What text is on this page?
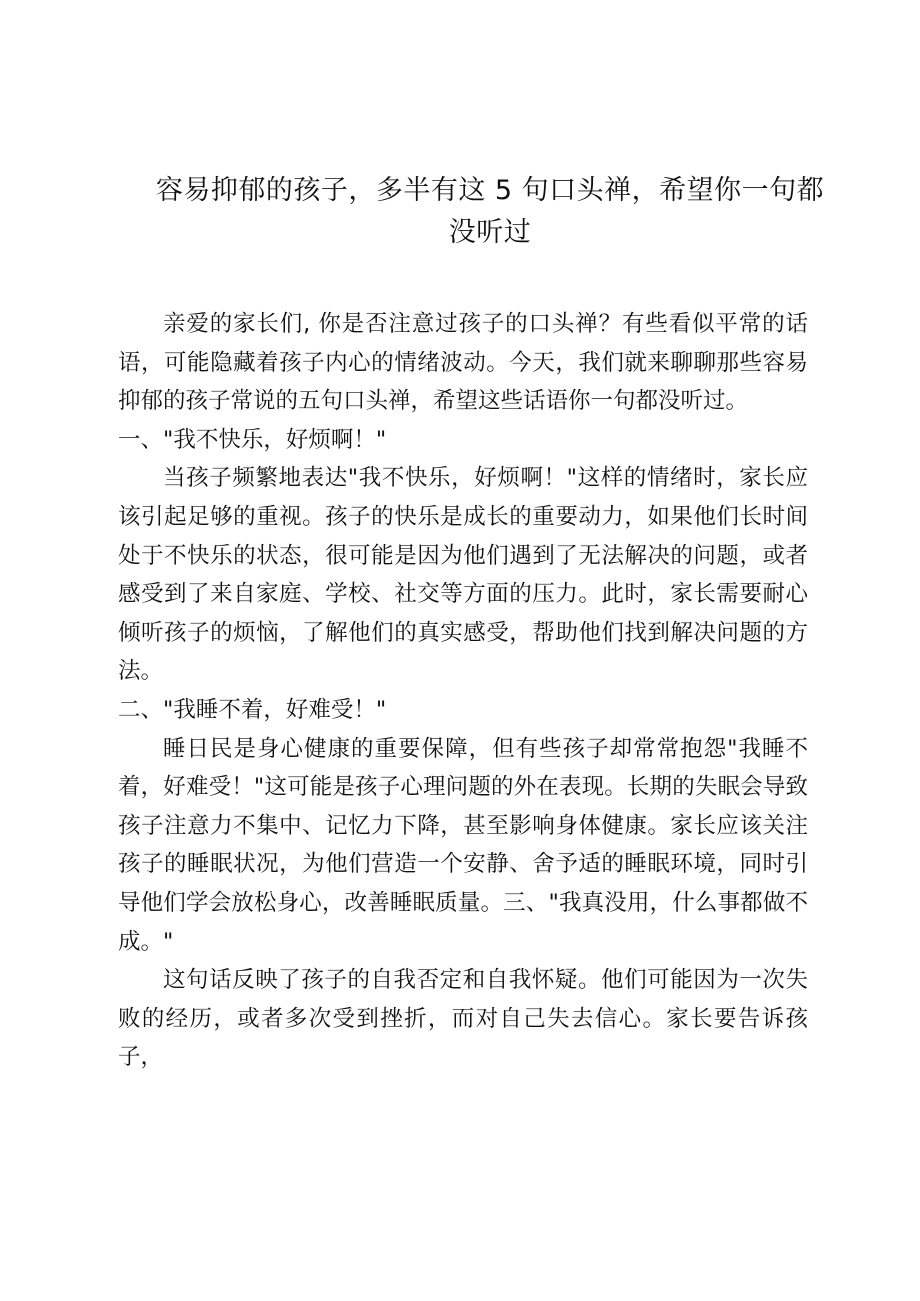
容易抑郁的孩子，多半有这 5 句口头禅，希望你一句都没听过

亲爱的家长们, 你是否注意过孩子的口头禅？有些看似平常的话语，可能隐藏着孩子内心的情绪波动。今天，我们就来聊聊那些容易抑郁的孩子常说的五句口头禅，希望这些话语你一句都没听过。

一、"我不快乐，好烦啊！"

当孩子频繁地表达"我不快乐，好烦啊！"这样的情绪时，家长应该引起足够的重视。孩子的快乐是成长的重要动力，如果他们长时间处于不快乐的状态，很可能是因为他们遇到了无法解决的问题，或者感受到了来自家庭、学校、社交等方面的压力。此时，家长需要耐心倾听孩子的烦恼，了解他们的真实感受，帮助他们找到解决问题的方法。

二、"我睡不着，好难受！"

睡日民是身心健康的重要保障，但有些孩子却常常抱怨"我睡不着，好难受！"这可能是孩子心理问题的外在表现。长期的失眠会导致孩子注意力不集中、记忆力下降，甚至影响身体健康。家长应该关注孩子的睡眠状况，为他们营造一个安静、舍予适的睡眠环境，同时引导他们学会放松身心，改善睡眠质量。三、"我真没用，什么事都做不成。"

这句话反映了孩子的自我否定和自我怀疑。他们可能因为一次失败的经历，或者多次受到挫折，而对自己失去信心。家长要告诉孩子，
